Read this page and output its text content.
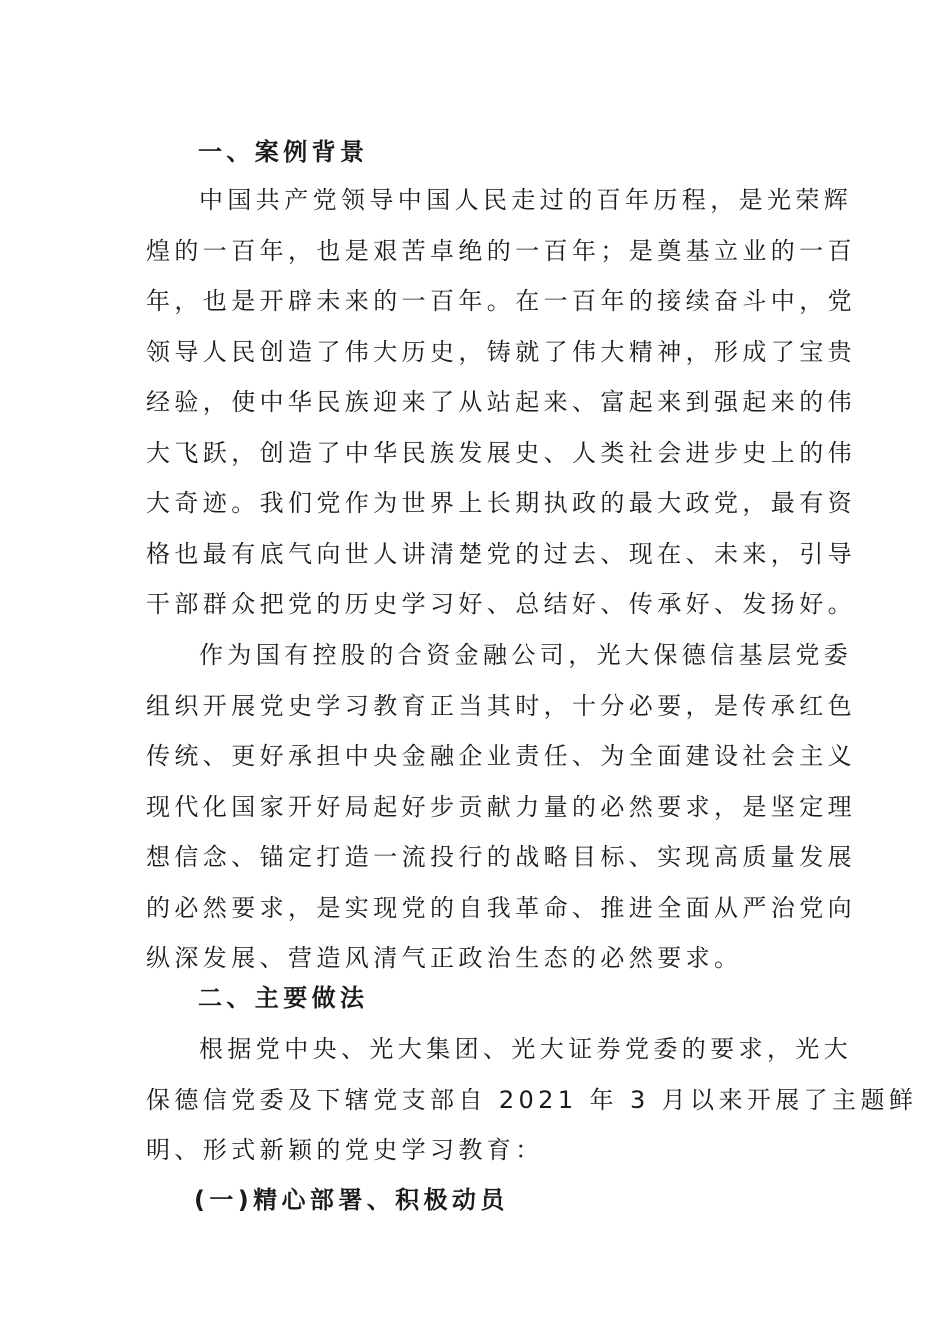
一、案例背景

中国共产党领导中国人民走过的百年历程，是光荣辉
煌的一百年，也是艰苦卓绝的一百年；是奠基立业的一百
年，也是开辟未来的一百年。在一百年的接续奋斗中，党
领导人民创造了伟大历史，铸就了伟大精神，形成了宝贵
经验，使中华民族迎来了从站起来、富起来到强起来的伟
大飞跃，创造了中华民族发展史、人类社会进步史上的伟
大奇迹。我们党作为世界上长期执政的最大政党，最有资
格也最有底气向世人讲清楚党的过去、现在、未来，引导
干部群众把党的历史学习好、总结好、传承好、发扬好。

作为国有控股的合资金融公司，光大保德信基层党委
组织开展党史学习教育正当其时，十分必要，是传承红色
传统、更好承担中央金融企业责任、为全面建设社会主义
现代化国家开好局起好步贡献力量的必然要求，是坚定理
想信念、锚定打造一流投行的战略目标、实现高质量发展
的必然要求，是实现党的自我革命、推进全面从严治党向
纵深发展、营造风清气正政治生态的必然要求。

二、主要做法

根据党中央、光大集团、光大证券党委的要求，光大
保德信党委及下辖党支部自 2021 年 3 月以来开展了主题鲜
明、形式新颖的党史学习教育：

(一)精心部署、积极动员
